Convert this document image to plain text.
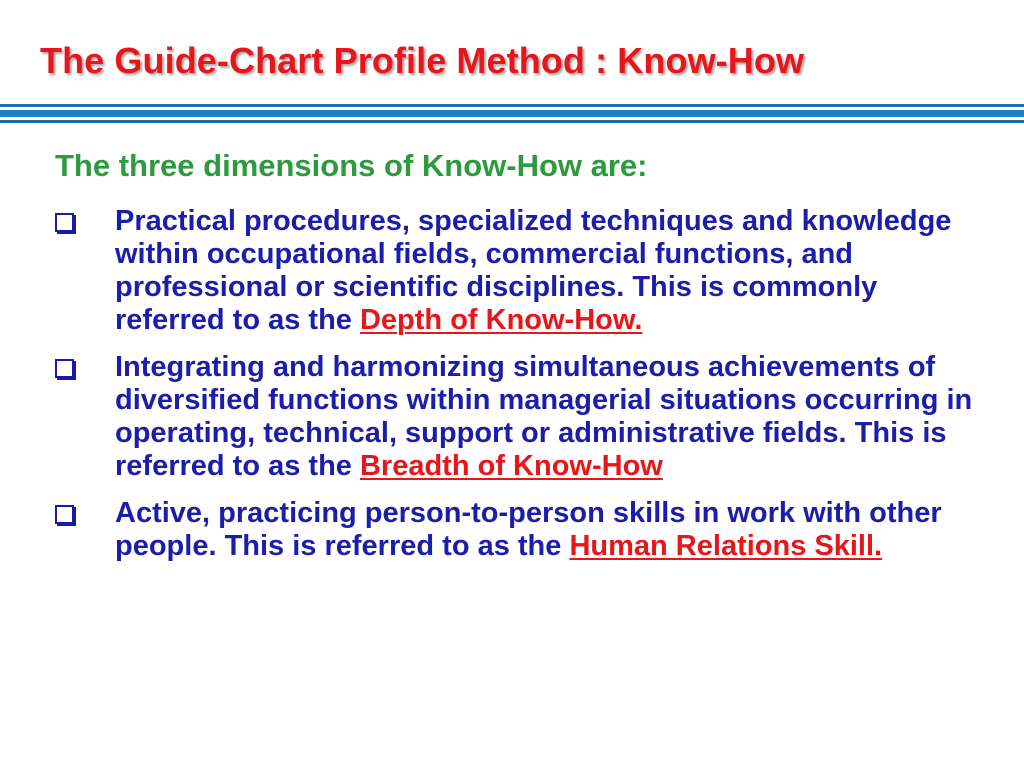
The Guide-Chart Profile Method : Know-How
The three dimensions of Know-How are:
Practical procedures, specialized techniques and knowledge within occupational fields, commercial functions, and professional or scientific disciplines. This is commonly referred to as the Depth of Know-How.
Integrating and harmonizing simultaneous achievements of diversified functions within managerial situations occurring in operating, technical, support or administrative fields. This is referred to as the Breadth of Know-How
Active, practicing person-to-person skills in work with other people. This is referred to as the Human Relations Skill.
